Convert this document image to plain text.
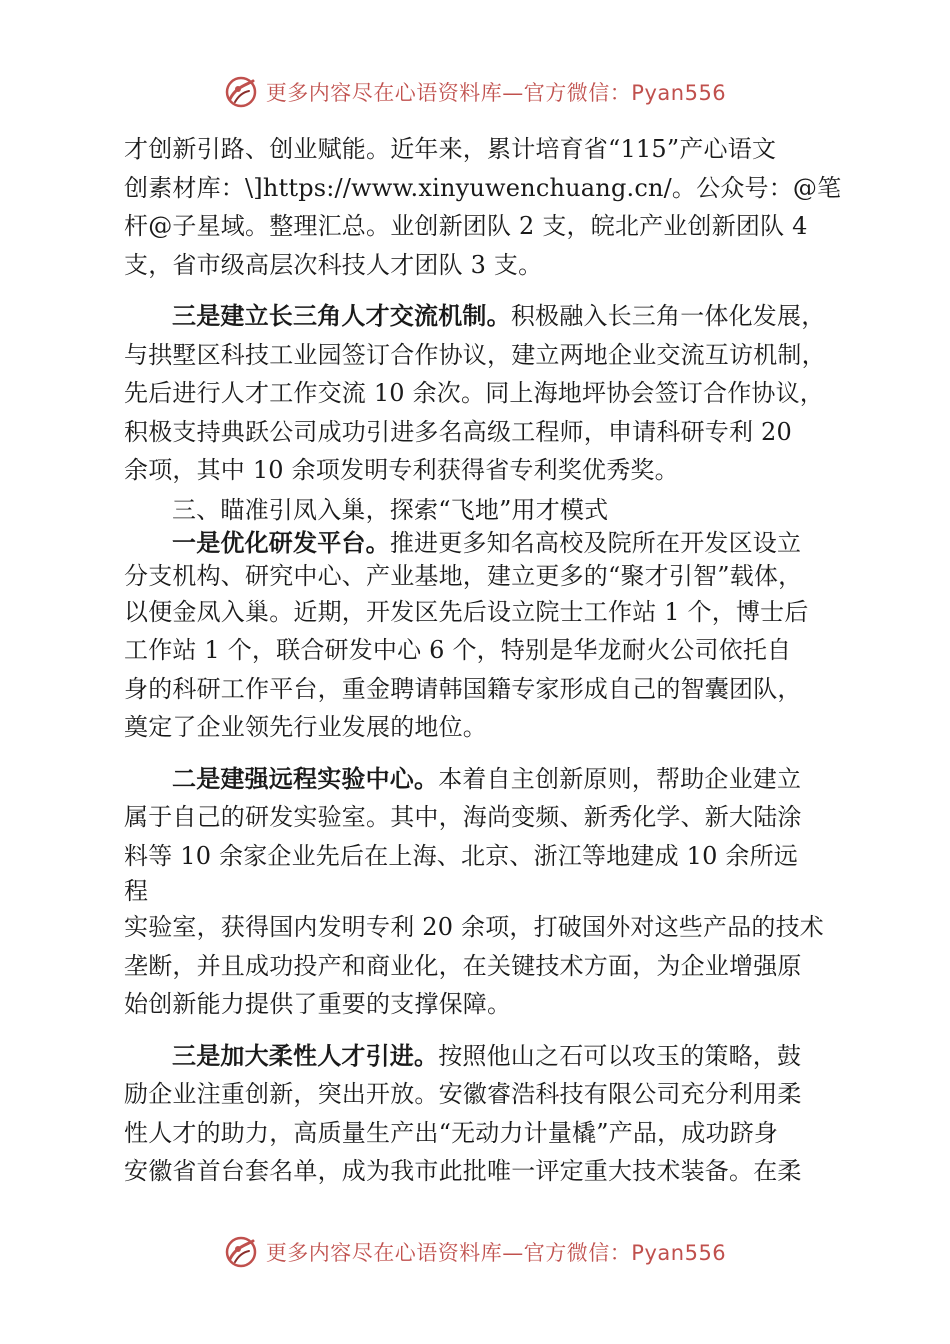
更多内容尽在心语资料库—官方微信：Pyan556

才创新引路、创业赋能。近年来，累计培育省“115”产心语文
创素材库：\]https://www.xinyuwenchuang.cn/。公众号：@笔
杆@子星域。整理汇总。业创新团队 2 支，皖北产业创新团队 4
支，省市级高层次科技人才团队 3 支。

三是建立长三角人才交流机制。积极融入长三角一体化发展，
与拱墅区科技工业园签订合作协议，建立两地企业交流互访机制，
先后进行人才工作交流 10 余次。同上海地坪协会签订合作协议，
积极支持典跃公司成功引进多名高级工程师，申请科研专利 20
余项，其中 10 余项发明专利获得省专利奖优秀奖。

三、瞄准引凤入巢，探索“飞地”用才模式

一是优化研发平台。推进更多知名高校及院所在开发区设立
分支机构、研究中心、产业基地，建立更多的“聚才引智”载体，
以便金凤入巢。近期，开发区先后设立院士工作站 1 个，博士后
工作站 1 个，联合研发中心 6 个，特别是华龙耐火公司依托自
身的科研工作平台，重金聘请韩国籍专家形成自己的智囊团队，
奠定了企业领先行业发展的地位。

二是建强远程实验中心。本着自主创新原则，帮助企业建立
属于自己的研发实验室。其中，海尚变频、新秀化学、新大陆涂
料等 10 余家企业先后在上海、北京、浙江等地建成 10 余所远
程
实验室，获得国内发明专利 20 余项，打破国外对这些产品的技术
垄断，并且成功投产和商业化，在关键技术方面，为企业增强原
始创新能力提供了重要的支撑保障。

三是加大柔性人才引进。按照他山之石可以攻玉的策略，鼓
励企业注重创新，突出开放。安徽睿浩科技有限公司充分利用柔
性人才的助力，高质量生产出“无动力计量橇”产品，成功跻身
安徽省首台套名单，成为我市此批唯一评定重大技术装备。在柔

更多内容尽在心语资料库—官方微信：Pyan556
